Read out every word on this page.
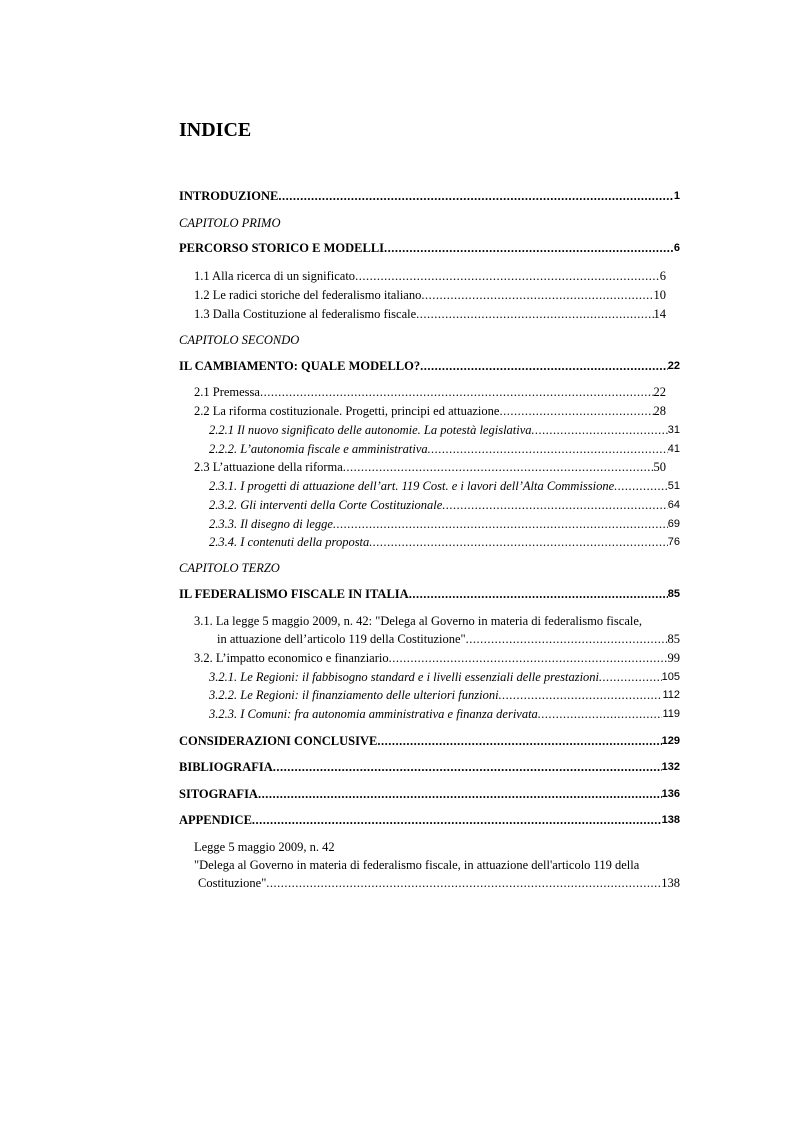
INDICE
INTRODUZIONE .....	1
CAPITOLO PRIMO
PERCORSO STORICO E MODELLI .....	6
1.1 Alla ricerca di un significato .....	6
1.2 Le radici storiche del federalismo italiano .....	10
1.3 Dalla Costituzione al federalismo fiscale .....	14
CAPITOLO SECONDO
IL CAMBIAMENTO: QUALE MODELLO? .....	22
2.1 Premessa .....	22
2.2 La riforma costituzionale. Progetti, principi ed attuazione .....	28
2.2.1 Il nuovo significato delle autonomie. La potestà legislativa .....	31
2.2.2. L’autonomia fiscale e amministrativa .....	41
2.3 L’attuazione della riforma .....	50
2.3.1. I progetti di attuazione dell’art. 119 Cost. e i lavori dell’Alta Commissione .....	51
2.3.2. Gli interventi della Corte Costituzionale .....	64
2.3.3. Il disegno di legge .....	69
2.3.4. I contenuti della proposta .....	76
CAPITOLO TERZO
IL FEDERALISMO FISCALE IN ITALIA .....	85
3.1. La legge 5 maggio 2009, n. 42: "Delega al Governo in materia di federalismo fiscale,
in attuazione dell’articolo 119 della Costituzione" .....	85
3.2. L’impatto economico e finanziario .....	99
3.2.1. Le Regioni: il fabbisogno standard e i livelli essenziali delle prestazioni .....	105
3.2.2. Le Regioni: il finanziamento delle ulteriori funzioni .....	112
3.2.3. I Comuni: fra autonomia amministrativa e finanza derivata .....	119
CONSIDERAZIONI CONCLUSIVE .....	129
BIBLIOGRAFIA .....	132
SITOGRAFIA .....	136
APPENDICE .....	138
Legge 5 maggio 2009, n. 42
"Delega al Governo in materia di federalismo fiscale, in attuazione dell'articolo 119 della
Costituzione" .....	138
